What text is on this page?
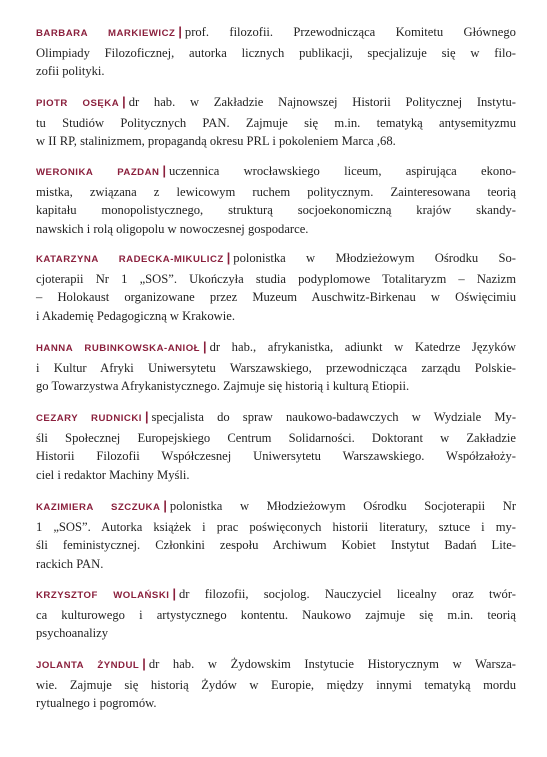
BARBARA MARKIEWICZ | prof. filozofii. Przewodnicząca Komitetu Głównego
Olimpiady Filozoficznej, autorka licznych publikacji, specjalizuje się w filo-
zofii polityki.
PIOTR OSĘKA | dr hab. w Zakładzie Najnowszej Historii Politycznej Instytu-
tu Studiów Politycznych PAN. Zajmuje się m.in. tematyką antysemityzmu
w II RP, stalinizmem, propagandą okresu PRL i pokoleniem Marca ,68.
WERONIKA PAZDAN | uczennica wrocławskiego liceum, aspirująca ekono-
mistka, związana z lewicowym ruchem politycznym. Zainteresowana teorią
kapitału monopolistycznego, strukturą socjoekonomiczną krajów skandy-
nawskich i rolą oligopolu w nowoczesnej gospodarce.
KATARZYNA RADECKA-MIKULICZ | polonistka w Młodzieżowym Ośrodku So-
cjoterapii Nr 1 „SOS”. Ukończyła studia podyplomowe Totalitaryzm – Nazizm
– Holokaust organizowane przez Muzeum Auschwitz-Birkenau w Oświęcimiu
i Akademię Pedagogiczną w Krakowie.
HANNA RUBINKOWSKA-ANIOŁ | dr hab., afrykanistka, adiunkt w Katedrze Języków
i Kultur Afryki Uniwersytetu Warszawskiego, przewodnicząca zarządu Polskie-
go Towarzystwa Afrykanistycznego. Zajmuje się historią i kulturą Etiopii.
CEZARY RUDNICKI | specjalista do spraw naukowo-badawczych w Wydziale My-
śli Społecznej Europejskiego Centrum Solidarności. Doktorant w Zakładzie
Historii Filozofii Współczesnej Uniwersytetu Warszawskiego. Współzałoży-
ciel i redaktor Machiny Myśli.
KAZIMIERA SZCZUKA | polonistka w Młodzieżowym Ośrodku Socjoterapii Nr
1 „SOS”. Autorka książek i prac poświęconych historii literatury, sztuce i my-
śli feministycznej. Członkini zespołu Archiwum Kobiet Instytut Badań Lite-
rackich PAN.
KRZYSZTOF WOLAŃSKI | dr filozofii, socjolog. Nauczyciel licealny oraz twór-
ca kulturowego i artystycznego kontentu. Naukowo zajmuje się m.in. teorią
psychoanalizy
JOLANTA ŻYNDUL | dr hab. w Żydowskim Instytucie Historycznym w Warsza-
wie. Zajmuje się historią Żydów w Europie, między innymi tematyką mordu
rytualnego i pogromów.
